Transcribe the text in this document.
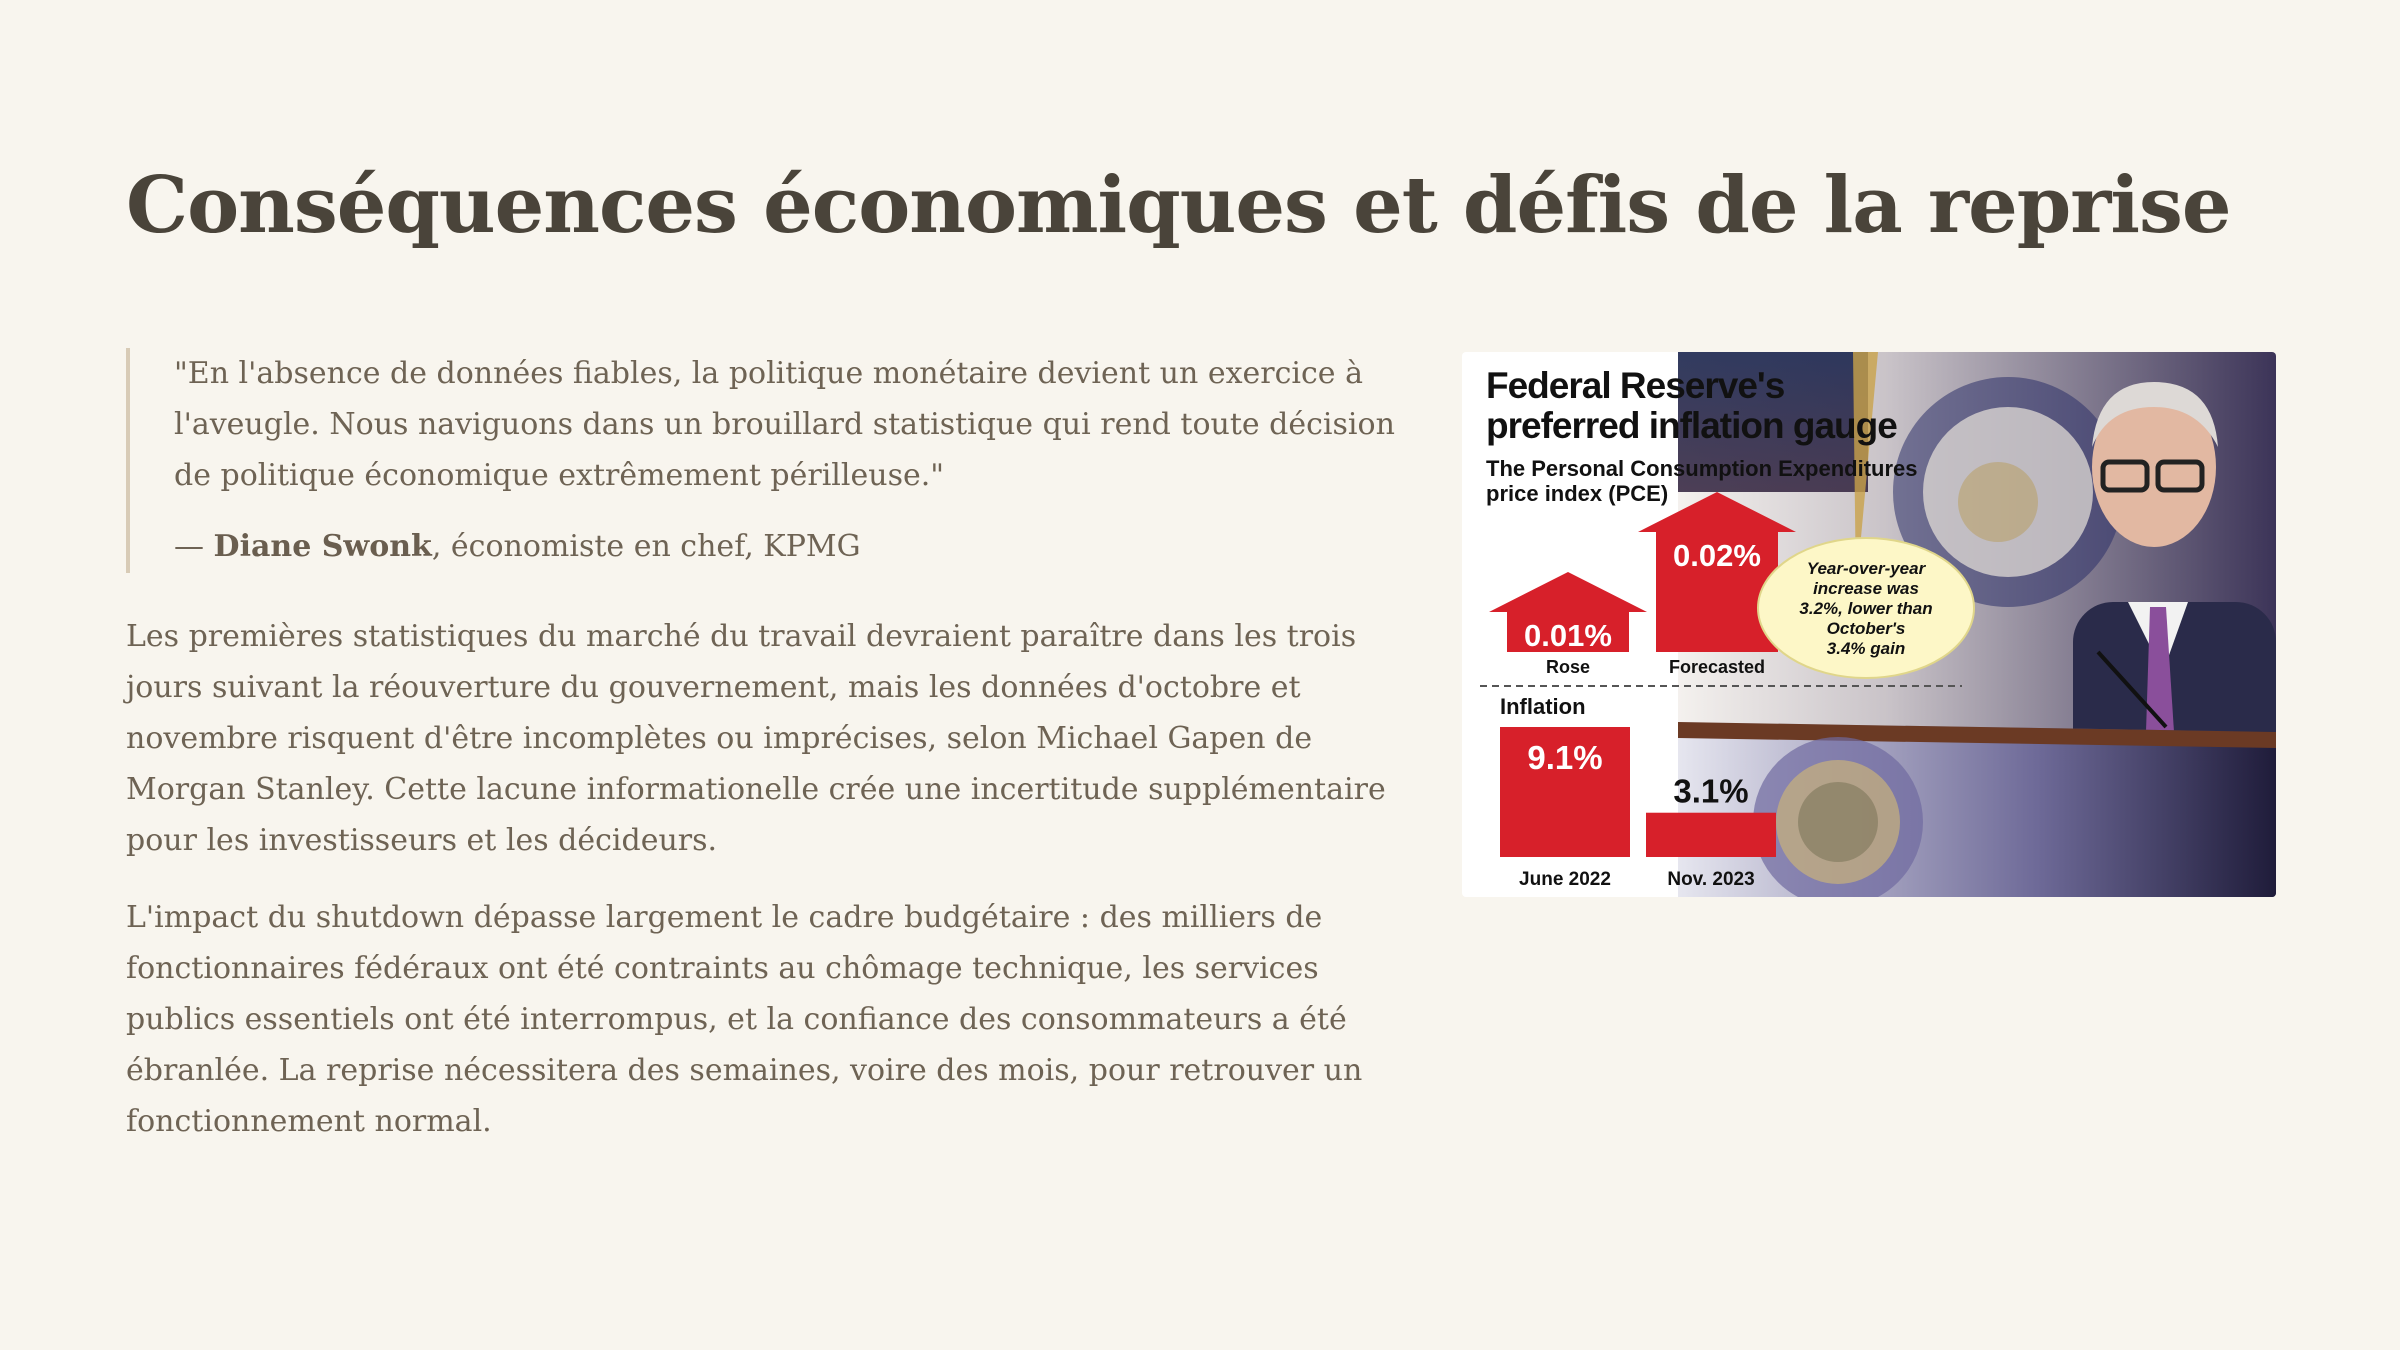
Conséquences économiques et défis de la reprise

"En l'absence de données fiables, la politique monétaire devient un exercice à l'aveugle. Nous naviguons dans un brouillard statistique qui rend toute décision de politique économique extrêmement périlleuse."

— Diane Swonk, économiste en chef, KPMG

Les premières statistiques du marché du travail devraient paraître dans les trois jours suivant la réouverture du gouvernement, mais les données d'octobre et novembre risquent d'être incomplètes ou imprécises, selon Michael Gapen de Morgan Stanley. Cette lacune informationelle crée une incertitude supplémentaire pour les investisseurs et les décideurs.

L'impact du shutdown dépasse largement le cadre budgétaire : des milliers de fonctionnaires fédéraux ont été contraints au chômage technique, les services publics essentiels ont été interrompus, et la confiance des consommateurs a été ébranlée. La reprise nécessitera des semaines, voire des mois, pour retrouver un fonctionnement normal.

Federal Reserve's
preferred inflation gauge

The Personal Consumption Expenditures price index (PCE)

0.01%
Rose
0.02%
Forecasted
Year-over-year
increase was
3.2%, lower than
October's
3.4% gain
Inflation
9.1%
June 2022
3.1%
Nov. 2023
